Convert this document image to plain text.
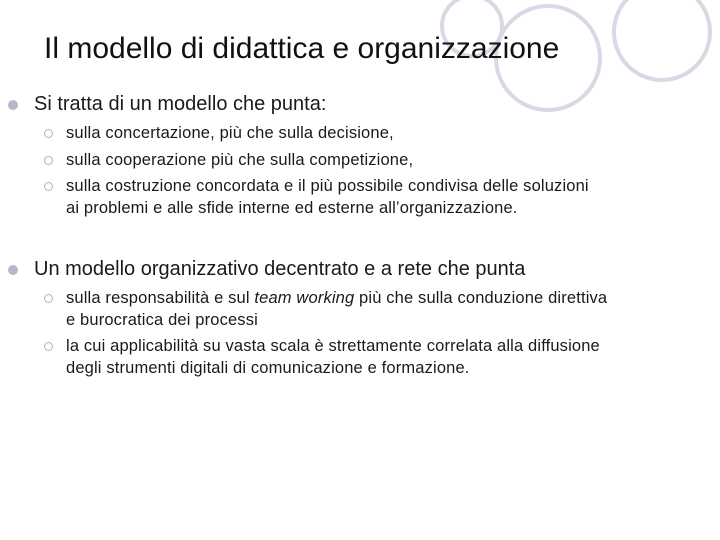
Il modello di didattica e organizzazione
Si tratta di un modello che punta:
sulla concertazione, più che sulla decisione,
sulla cooperazione più che sulla competizione,
sulla costruzione concordata e il più possibile condivisa delle soluzioni
ai problemi e alle sfide interne ed esterne all’organizzazione.
Un modello organizzativo decentrato e a rete che punta
sulla responsabilità e sul team working più che sulla conduzione direttiva
e burocratica dei processi
la cui applicabilità su vasta scala è strettamente correlata alla diffusione
degli strumenti digitali di comunicazione e formazione.
